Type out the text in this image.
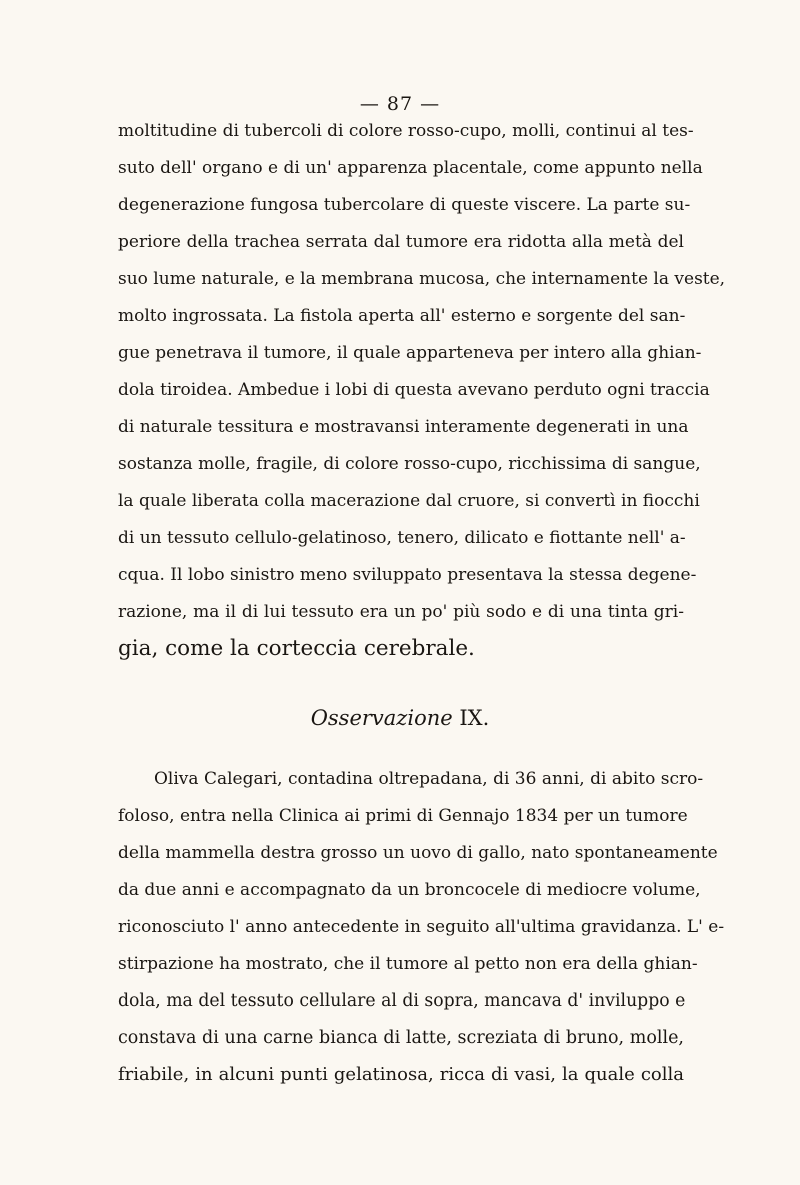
— 87 —
moltitudine di tubercoli di colore rosso-cupo, molli, continui al tes-
suto dell' organo e di un' apparenza placentale, come appunto nella
degenerazione fungosa tubercolare di queste viscere. La parte su-
periore della trachea serrata dal tumore era ridotta alla metà del
suo lume naturale, e la membrana mucosa, che internamente la veste,
molto ingrossata. La fistola aperta all' esterno e sorgente del san-
gue penetrava il tumore, il quale apparteneva per intero alla ghian-
dola tiroidea. Ambedue i lobi di questa avevano perduto ogni traccia
di naturale tessitura e mostravansi interamente degenerati in una
sostanza molle, fragile, di colore rosso-cupo, ricchissima di sangue,
la quale liberata colla macerazione dal cruore, si convertì in fiocchi
di un tessuto cellulo-gelatinoso, tenero, dilicato e fiottante nell' a-
cqua. Il lobo sinistro meno sviluppato presentava la stessa degene-
razione, ma il di lui tessuto era un po' più sodo e di una tinta gri-
gia, come la corteccia cerebrale.
Osservazione IX.
Oliva Calegari, contadina oltrepadana, di 36 anni, di abito scro-
foloso, entra nella Clinica ai primi di Gennajo 1834 per un tumore
della mammella destra grosso un uovo di gallo, nato spontaneamente
da due anni e accompagnato da un broncocele di mediocre volume,
riconosciuto l' anno antecedente in seguito all'ultima gravidanza. L' e-
stirpazione ha mostrato, che il tumore al petto non era della ghian-
dola, ma del tessuto cellulare al di sopra, mancava d' inviluppo e
constava di una carne bianca di latte, screziata di bruno, molle,
friabile, in alcuni punti gelatinosa, ricca di vasi, la quale colla
